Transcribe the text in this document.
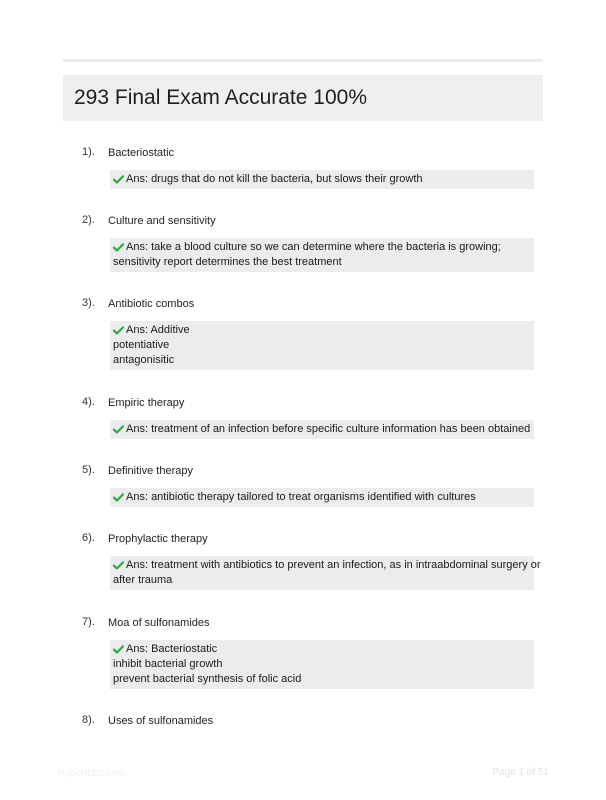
293 Final Exam Accurate 100%
1). Bacteriostatic
Ans: drugs that do not kill the bacteria, but slows their growth
2). Culture and sensitivity
Ans: take a blood culture so we can determine where the bacteria is growing;
sensitivity report determines the best treatment
3). Antibiotic combos
Ans: Additive
potentiative
antagonisitic
4). Empiric therapy
Ans: treatment of an infection before specific culture information has been obtained
5). Definitive therapy
Ans: antibiotic therapy tailored to treat organisms identified with cultures
6). Prophylactic therapy
Ans: treatment with antibiotics to prevent an infection, as in intraabdominal surgery or
after trauma
7). Moa of sulfonamides
Ans: Bacteriostatic
inhibit bacterial growth
prevent bacterial synthesis of folic acid
8). Uses of sulfonamides
Papertbbc.com	Page 1 of 51
